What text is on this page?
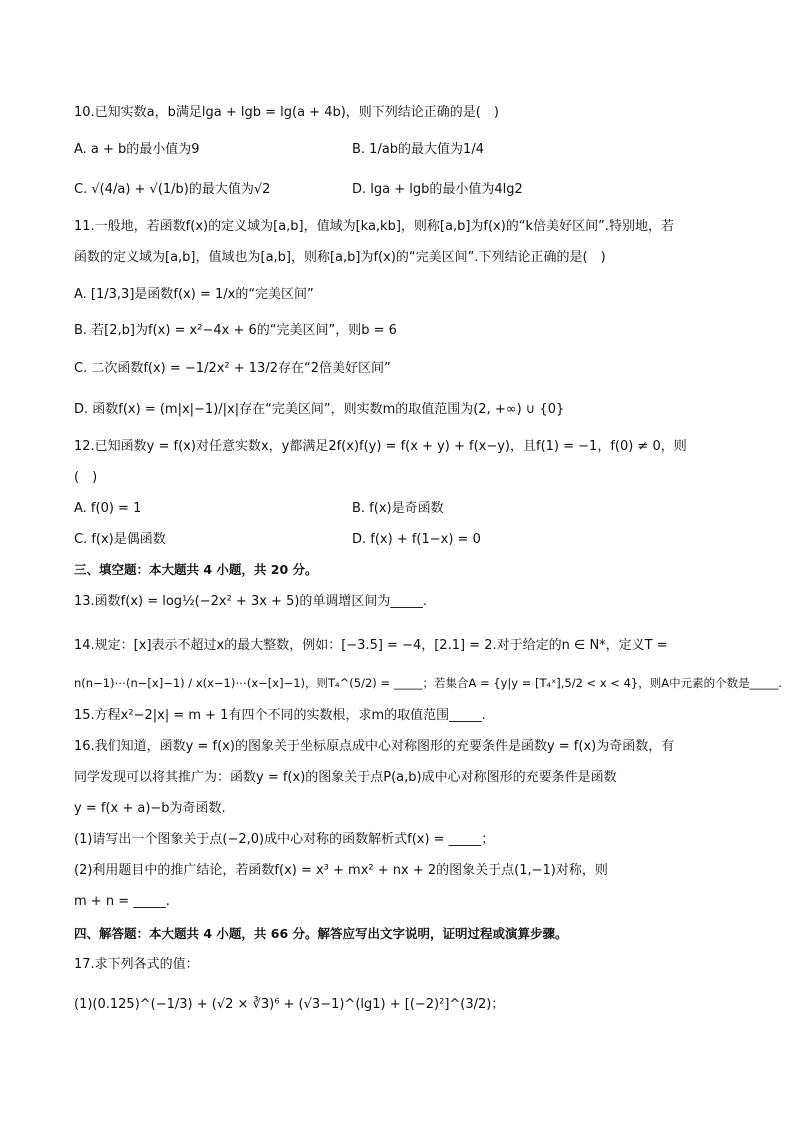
10.已知实数a，b满足lga + lgb = lg(a + 4b)，则下列结论正确的是(　)
A. a + b的最小值为9	B. 1/ab的最大值为1/4
C. √(4/a) + √(1/b)的最大值为√2	D. lga + lgb的最小值为4lg2
11.一般地，若函数f(x)的定义域为[a,b]，值域为[ka,kb]，则称[a,b]为f(x)的“k倍美好区间”.特别地，若
函数的定义域为[a,b]，值域也为[a,b]，则称[a,b]为f(x)的“完美区间”.下列结论正确的是(　)
A. [1/3,3]是函数f(x) = 1/x的“完美区间”
B. 若[2,b]为f(x) = x²−4x + 6的“完美区间”，则b = 6
C. 二次函数f(x) = −1/2x² + 13/2存在“2倍美好区间”
D. 函数f(x) = (m|x|−1)/|x|存在“完美区间”，则实数m的取值范围为(2, +∞) ∪ {0}
12.已知函数y = f(x)对任意实数x，y都满足2f(x)f(y) = f(x + y) + f(x−y)，且f(1) = −1，f(0) ≠ 0，则
(　)
A. f(0) = 1	B. f(x)是奇函数
C. f(x)是偶函数	D. f(x) + f(1−x) = 0
三、填空题：本大题共 4 小题，共 20 分。
13.函数f(x) = log½(−2x² + 3x + 5)的单调增区间为_____.
14.规定：[x]表示不超过x的最大整数，例如：[−3.5] = −4，[2.1] = 2.对于给定的n ∈ N*，定义T =
n(n−1)⋯(n−[x]−1) / x(x−1)⋯(x−[x]−1)，则T₄^(5/2) = _____；若集合A = {y|y = [T₄ˣ],5/2 < x < 4}，则A中元素的个数是_____.
15.方程x²−2|x| = m + 1有四个不同的实数根，求m的取值范围_____.
16.我们知道，函数y = f(x)的图象关于坐标原点成中心对称图形的充要条件是函数y = f(x)为奇函数，有
同学发现可以将其推广为：函数y = f(x)的图象关于点P(a,b)成中心对称图形的充要条件是函数
y = f(x + a)−b为奇函数.
(1)请写出一个图象关于点(−2,0)成中心对称的函数解析式f(x) = _____；
(2)利用题目中的推广结论，若函数f(x) = x³ + mx² + nx + 2的图象关于点(1,−1)对称，则
m + n = _____.
四、解答题：本大题共 4 小题，共 66 分。解答应写出文字说明，证明过程或演算步骤。
17.求下列各式的值：
(1)(0.125)^(−1/3) + (√2 × ∛3)⁶ + (√3−1)^(lg1) + [(−2)²]^(3/2)；
